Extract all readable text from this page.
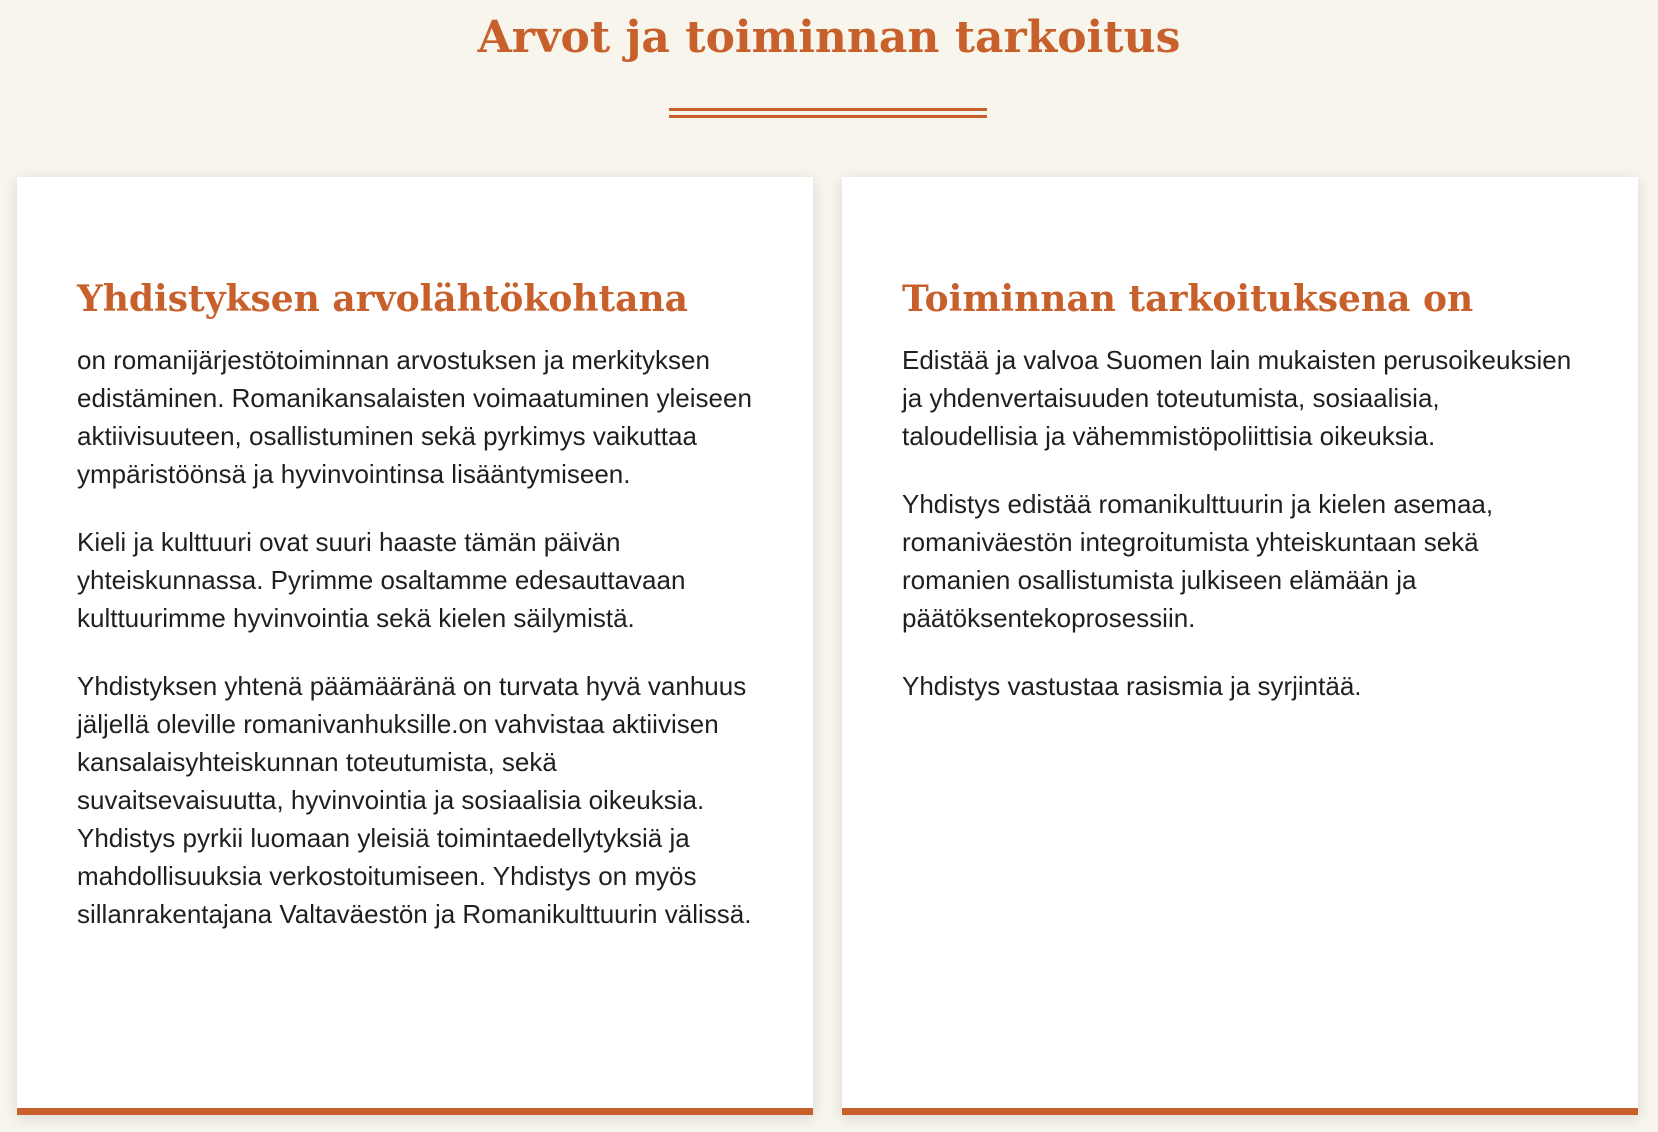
Arvot ja toiminnan tarkoitus
Yhdistyksen arvolähtökohtana

on romanijärjestötoiminnan arvostuksen ja merkityksen edistäminen. Romanikansalaisten voimaatuminen yleiseen aktiivisuuteen, osallistuminen sekä pyrkimys vaikuttaa ympäristöönsä ja hyvinvointinsa lisääntymiseen.

Kieli ja kulttuuri ovat suuri haaste tämän päivän yhteiskunnassa. Pyrimme osaltamme edesauttavaan kulttuurimme hyvinvointia sekä kielen säilymistä.

Yhdistyksen yhtenä päämääränä on turvata hyvä vanhuus jäljellä oleville romanivanhuksille.on vahvistaa aktiivisen kansalaisyhteiskunnan toteutumista, sekä suvaitsevaisuutta, hyvinvointia ja sosiaalisia oikeuksia. Yhdistys pyrkii luomaan yleisiä toimintaedellytyksiä ja mahdollisuuksia verkostoitumiseen. Yhdistys on myös sillanrakentajana Valtaväestön ja Romanikulttuurin välissä.

Toiminnan tarkoituksena on

Edistää ja valvoa Suomen lain mukaisten perusoikeuksien ja yhdenvertaisuuden toteutumista, sosiaalisia, taloudellisia ja vähemmistöpoliittisia oikeuksia.

Yhdistys edistää romanikulttuurin ja kielen asemaa, romaniväestön integroitumista yhteiskuntaan sekä romanien osallistumista julkiseen elämään ja päätöksentekoprosessiin.

Yhdistys vastustaa rasismia ja syrjintää.
